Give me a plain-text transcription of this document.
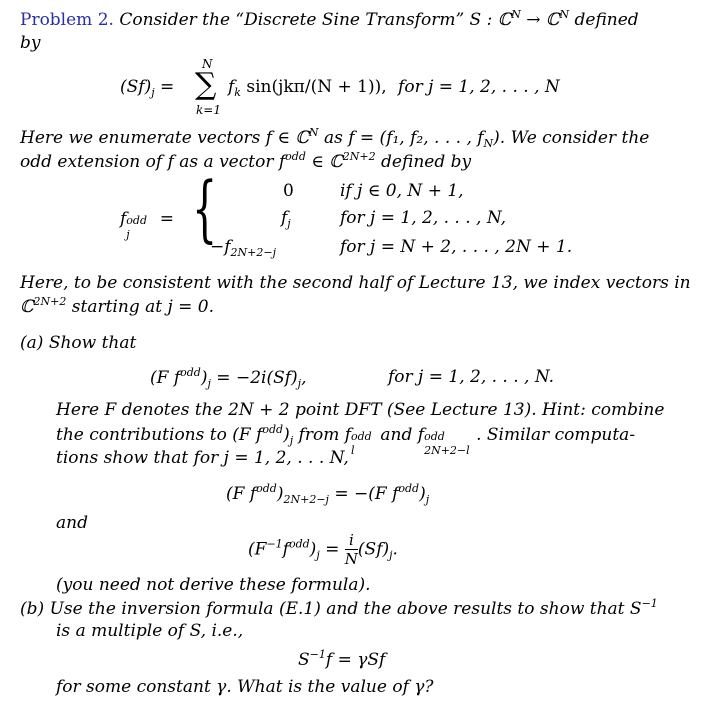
Problem 2. Consider the “Discrete Sine Transform” S : ℂ$^N$ → ℂ$^N$ defined
by
$(Sf)_j$ =
N
∑
k=1
$f_k$ sin(jkπ/(N + 1)), for j = 1, 2, . . . , N
Here we enumerate vectors f ∈ ℂ$^N$ as f = (f₁, f₂, . . . , $f_N$). We consider the
odd extension of f as a vector $f^{odd}$ ∈ ℂ$^{2N+2}$ defined by
f odd
j
= {	0	if j ∈ 0, N + 1,
$f_j$	for j = 1, 2, . . . , N,
$-f_{2N+2-j}$	for j = N + 2, . . . , 2N + 1.
Here, to be consistent with the second half of Lecture 13, we index vectors in
ℂ$^{2N+2}$ starting at j = 0.
(a) Show that
(F $f^{odd})_j = -2i(Sf)_j$,	for j = 1, 2, . . . , N.
Here F denotes the 2N + 2 point DFT (See Lecture 13). Hint: combine
the contributions to (F $f^{odd})_j$ from f odd
l
and f odd
2N+2−l
. Similar computa-
tions show that for j = 1, 2, . . . N,
(F $f^{odd})_{2N+2-j} = -(F$ $f^{odd})_j$
and
$(F^{-1}f^{odd})_j = \frac{i}{N} (Sf)_j$.
(you need not derive these formula).
(b) Use the inversion formula (E.1) and the above results to show that $S^{-1}$
is a multiple of S, i.e.,
$S^{-1}f = \gamma Sf$
for some constant γ. What is the value of γ?
